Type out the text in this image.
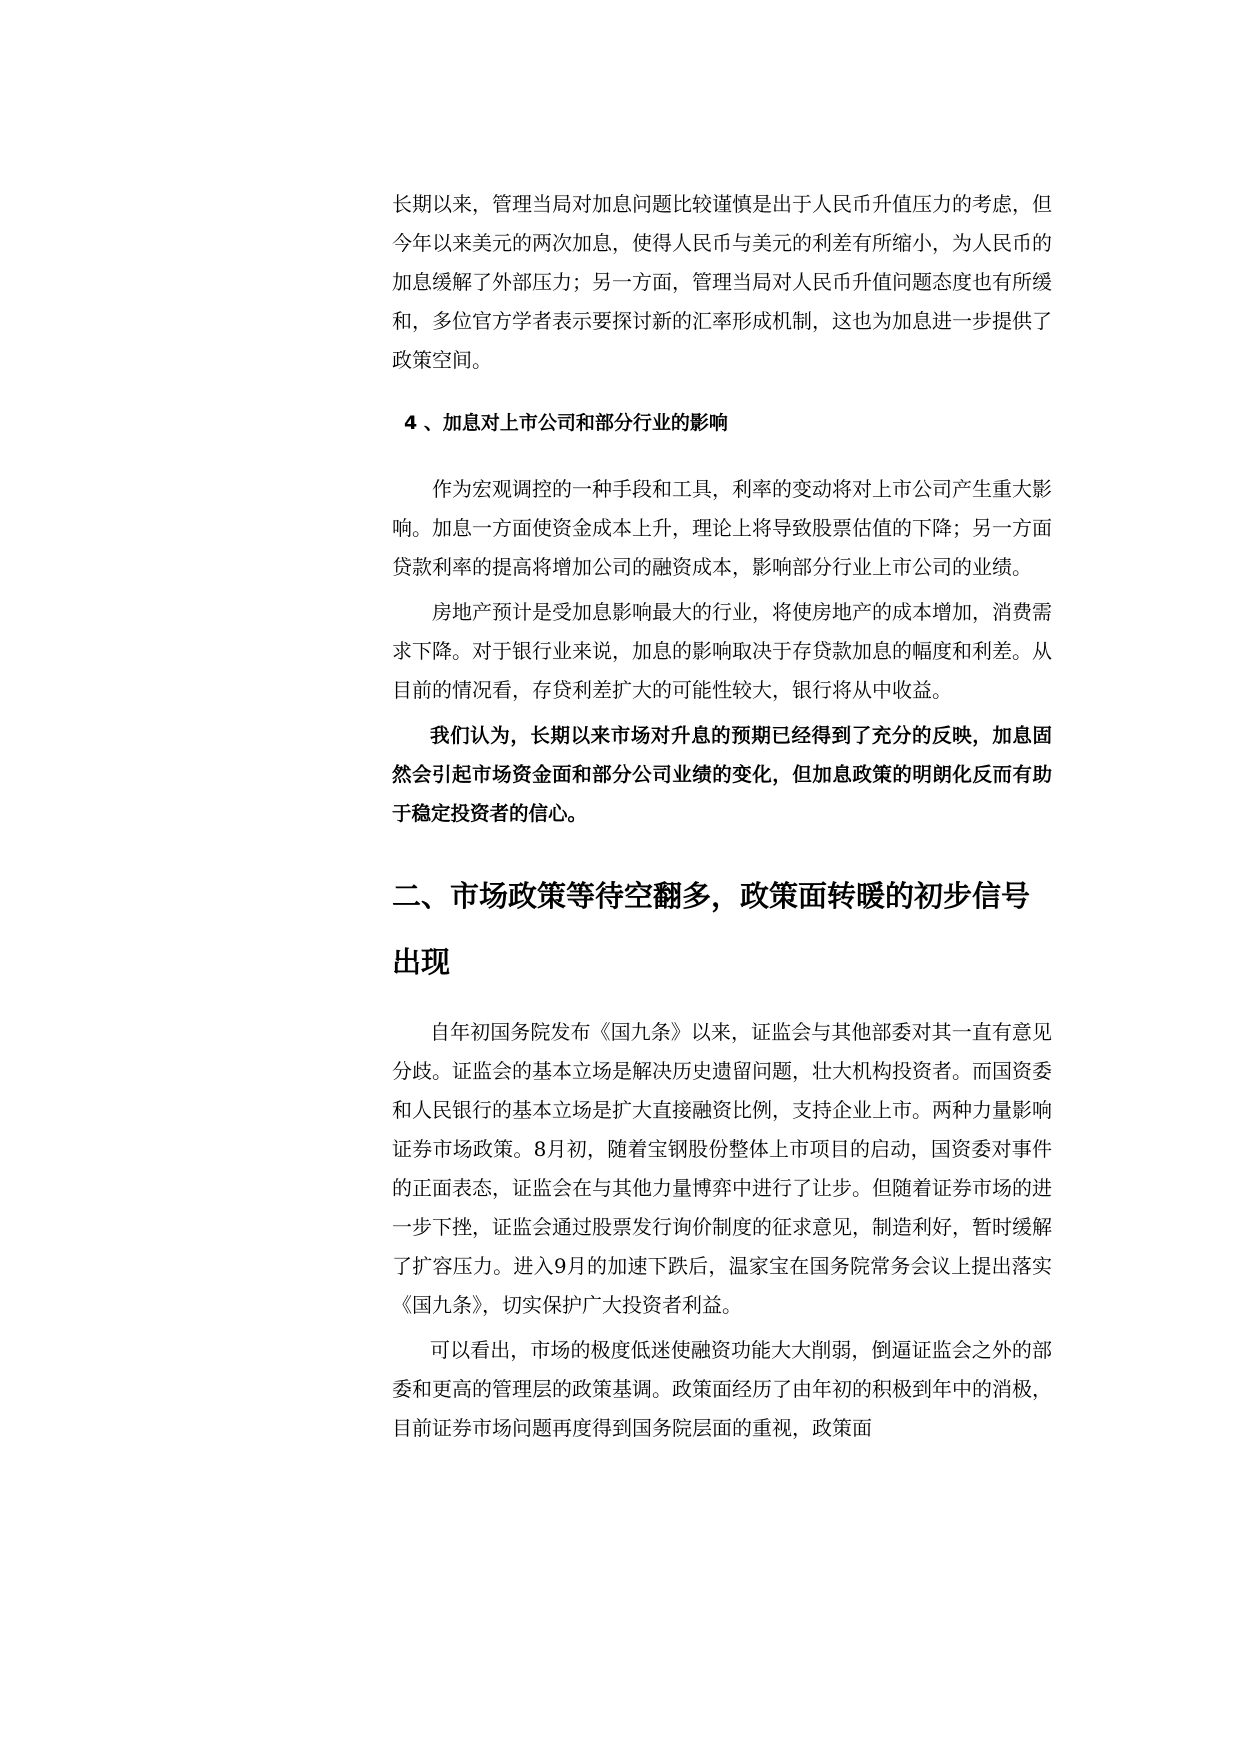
长期以来，管理当局对加息问题比较谨慎是出于人民币升值压力的考虑，但今年以来美元的两次加息，使得人民币与美元的利差有所缩小，为人民币的加息缓解了外部压力；另一方面，管理当局对人民币升值问题态度也有所缓和，多位官方学者表示要探讨新的汇率形成机制，这也为加息进一步提供了政策空间。

4 、加息对上市公司和部分行业的影响

作为宏观调控的一种手段和工具，利率的变动将对上市公司产生重大影响。加息一方面使资金成本上升，理论上将导致股票估值的下降；另一方面贷款利率的提高将增加公司的融资成本，影响部分行业上市公司的业绩。

房地产预计是受加息影响最大的行业，将使房地产的成本增加，消费需求下降。对于银行业来说，加息的影响取决于存贷款加息的幅度和利差。从目前的情况看，存贷利差扩大的可能性较大，银行将从中收益。

我们认为，长期以来市场对升息的预期已经得到了充分的反映，加息固然会引起市场资金面和部分公司业绩的变化，但加息政策的明朗化反而有助于稳定投资者的信心。

二、市场政策等待空翻多，政策面转暖的初步信号出现

自年初国务院发布《国九条》以来，证监会与其他部委对其一直有意见分歧。证监会的基本立场是解决历史遗留问题，壮大机构投资者。而国资委和人民银行的基本立场是扩大直接融资比例，支持企业上市。两种力量影响证券市场政策。8月初，随着宝钢股份整体上市项目的启动，国资委对事件的正面表态，证监会在与其他力量博弈中进行了让步。但随着证券市场的进一步下挫，证监会通过股票发行询价制度的征求意见，制造利好，暂时缓解了扩容压力。进入9月的加速下跌后，温家宝在国务院常务会议上提出落实《国九条》，切实保护广大投资者利益。

可以看出，市场的极度低迷使融资功能大大削弱，倒逼证监会之外的部委和更高的管理层的政策基调。政策面经历了由年初的积极到年中的消极，目前证券市场问题再度得到国务院层面的重视，政策面
